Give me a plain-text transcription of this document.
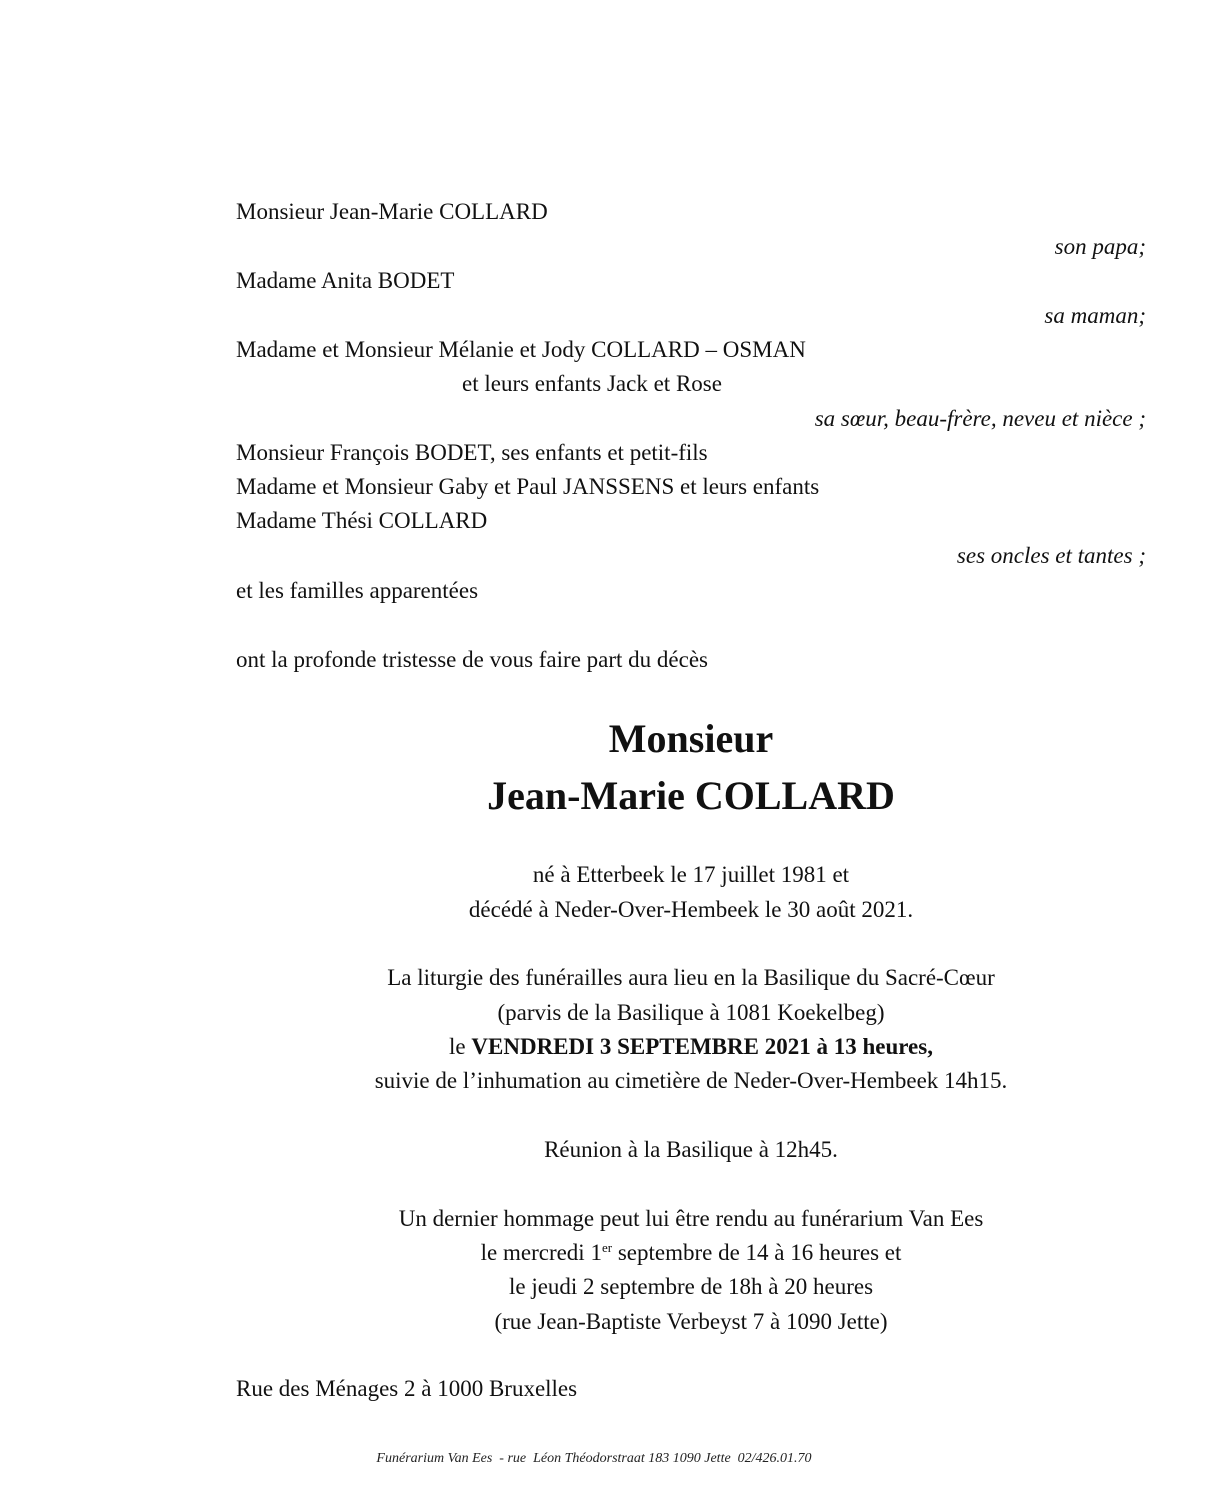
Monsieur Jean-Marie COLLARD
son papa;
Madame Anita BODET
sa maman;
Madame et Monsieur Mélanie et Jody COLLARD – OSMAN
et leurs enfants Jack et Rose
sa sœur, beau-frère, neveu et nièce ;
Monsieur François BODET, ses enfants et petit-fils
Madame et Monsieur Gaby et Paul JANSSENS et leurs enfants
Madame Thési COLLARD
ses oncles et tantes ;
et les familles apparentées
ont la profonde tristesse de vous faire part du décès
Monsieur
Jean-Marie COLLARD
né à Etterbeek le 17 juillet 1981 et
décédé à Neder-Over-Hembeek le 30 août 2021.
La liturgie des funérailles aura lieu en la Basilique du Sacré-Cœur
(parvis de la Basilique à 1081 Koekelbeg)
le VENDREDI 3 SEPTEMBRE 2021 à 13 heures,
suivie de l’inhumation au cimetière de Neder-Over-Hembeek 14h15.
Réunion à la Basilique à 12h45.
Un dernier hommage peut lui être rendu au funérarium Van Ees
le mercredi 1er septembre de 14 à 16 heures et
le jeudi 2 septembre de 18h à 20 heures
(rue Jean-Baptiste Verbeyst 7 à 1090 Jette)
Rue des Ménages 2 à 1000 Bruxelles
Funérarium Van Ees  - rue  Léon Théodorstraat 183 1090 Jette  02/426.01.70
